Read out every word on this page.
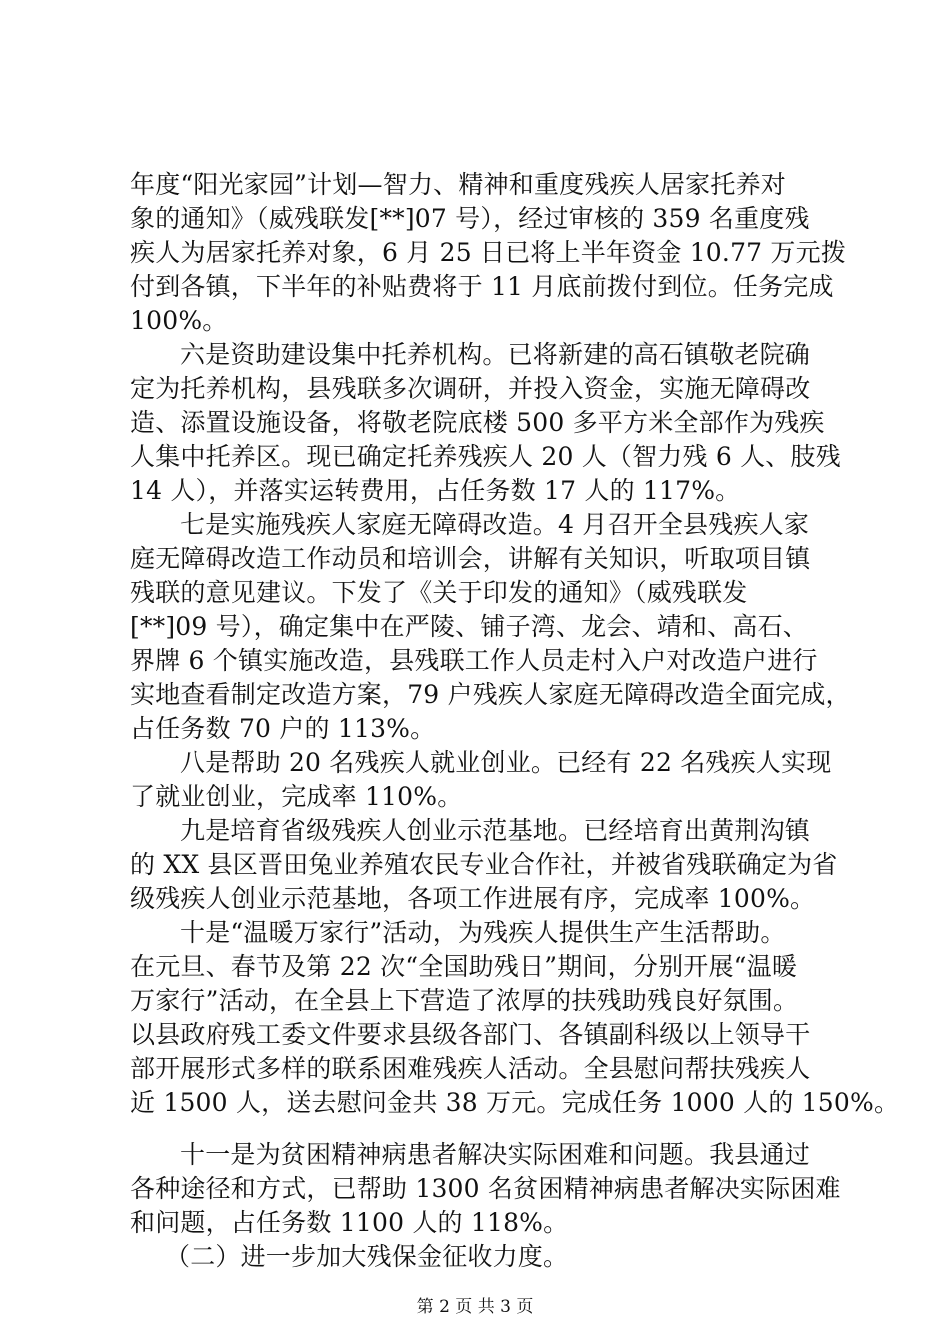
年度“阳光家园”计划—智力、精神和重度残疾人居家托养对
象的通知》（威残联发[**]07 号），经过审核的 359 名重度残
疾人为居家托养对象，6 月 25 日已将上半年资金 10.77 万元拨
付到各镇，下半年的补贴费将于 11 月底前拨付到位。任务完成
100%。
六是资助建设集中托养机构。已将新建的高石镇敬老院确
定为托养机构，县残联多次调研，并投入资金，实施无障碍改
造、添置设施设备，将敬老院底楼 500 多平方米全部作为残疾
人集中托养区。现已确定托养残疾人 20 人（智力残 6 人、肢残
14 人），并落实运转费用，占任务数 17 人的 117%。
七是实施残疾人家庭无障碍改造。4 月召开全县残疾人家
庭无障碍改造工作动员和培训会，讲解有关知识，听取项目镇
残联的意见建议。下发了《关于印发的通知》（威残联发
[**]09 号），确定集中在严陵、铺子湾、龙会、靖和、高石、
界牌 6 个镇实施改造，县残联工作人员走村入户对改造户进行
实地查看制定改造方案，79 户残疾人家庭无障碍改造全面完成，
占任务数 70 户的 113%。
八是帮助 20 名残疾人就业创业。已经有 22 名残疾人实现
了就业创业，完成率 110%。
九是培育省级残疾人创业示范基地。已经培育出黄荆沟镇
的 XX 县区晋田兔业养殖农民专业合作社，并被省残联确定为省
级残疾人创业示范基地，各项工作进展有序，完成率 100%。
十是“温暖万家行”活动，为残疾人提供生产生活帮助。
在元旦、春节及第 22 次“全国助残日”期间，分别开展“温暖
万家行”活动，在全县上下营造了浓厚的扶残助残良好氛围。
以县政府残工委文件要求县级各部门、各镇副科级以上领导干
部开展形式多样的联系困难残疾人活动。全县慰问帮扶残疾人
近 1500 人，送去慰问金共 38 万元。完成任务 1000 人的 150%。
十一是为贫困精神病患者解决实际困难和问题。我县通过
各种途径和方式，已帮助 1300 名贫困精神病患者解决实际困难
和问题，占任务数 1100 人的 118%。
（二）进一步加大残保金征收力度。
第 2 页 共 3 页
